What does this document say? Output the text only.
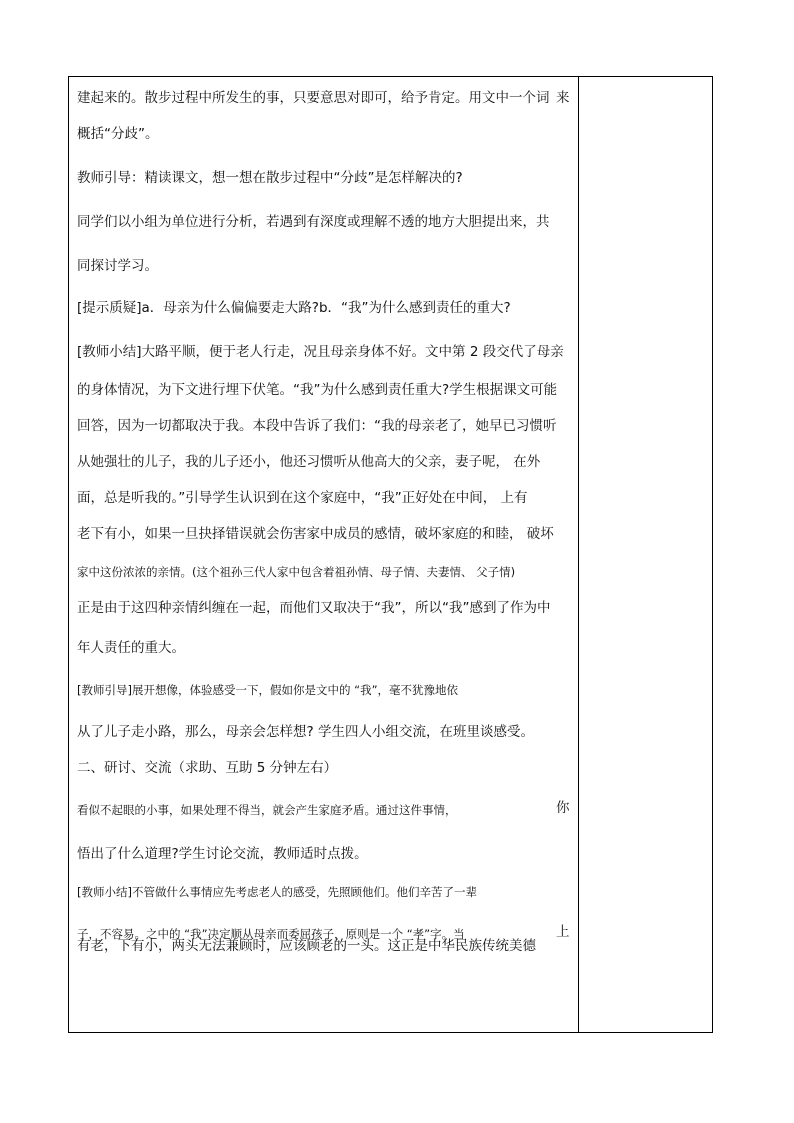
建起来的。散步过程中所发生的事，只要意思对即可，给予肯定。用文中一个词 来
概括“分歧”。
教师引导：精读课文，想一想在散步过程中“分歧”是怎样解决的?
同学们以小组为单位进行分析，若遇到有深度或理解不透的地方大胆提出来，共
同探讨学习。
[提示质疑]a．母亲为什么偏偏要走大路?b．“我”为什么感到责任的重大?
[教师小结]大路平顺，便于老人行走，况且母亲身体不好。文中第 2 段交代了母亲
的身体情况，为下文进行埋下伏笔。“我”为什么感到责任重大?学生根据课文可能
回答，因为一切都取决于我。本段中告诉了我们：“我的母亲老了，她早已习惯听
从她强壮的儿子，我的儿子还小，他还习惯听从他高大的父亲，妻子呢， 在外
面，总是听我的。”引导学生认识到在这个家庭中，“我”正好处在中间， 上有
老下有小，如果一旦抉择错误就会伤害家中成员的感情，破坏家庭的和睦， 破坏
家中这份浓浓的亲情。(这个祖孙三代人家中包含着祖孙情、母子情、夫妻情、 父子情)
正是由于这四种亲情纠缠在一起，而他们又取决于“我”，所以“我”感到了作为中
年人责任的重大。
[教师引导]展开想像，体验感受一下，假如你是文中的 “我”，毫不犹豫地依
从了儿子走小路，那么，母亲会怎样想? 学生四人小组交流，在班里谈感受。
二、研讨、交流（求助、互助 5 分钟左右）
看似不起眼的小事，如果处理不得当，就会产生家庭矛盾。通过这件事情，	你
悟出了什么道理?学生讨论交流，教师适时点拨。
[教师小结]不管做什么事情应先考虑老人的感受，先照顾他们。他们辛苦了一辈
子，不容易。之中的 “我”决定顺从母亲而委屈孩子，原则是一个 “孝”字。当	上
有老，下有小，两头无法兼顾时，应该顾老的一头。这正是中华民族传统美德
